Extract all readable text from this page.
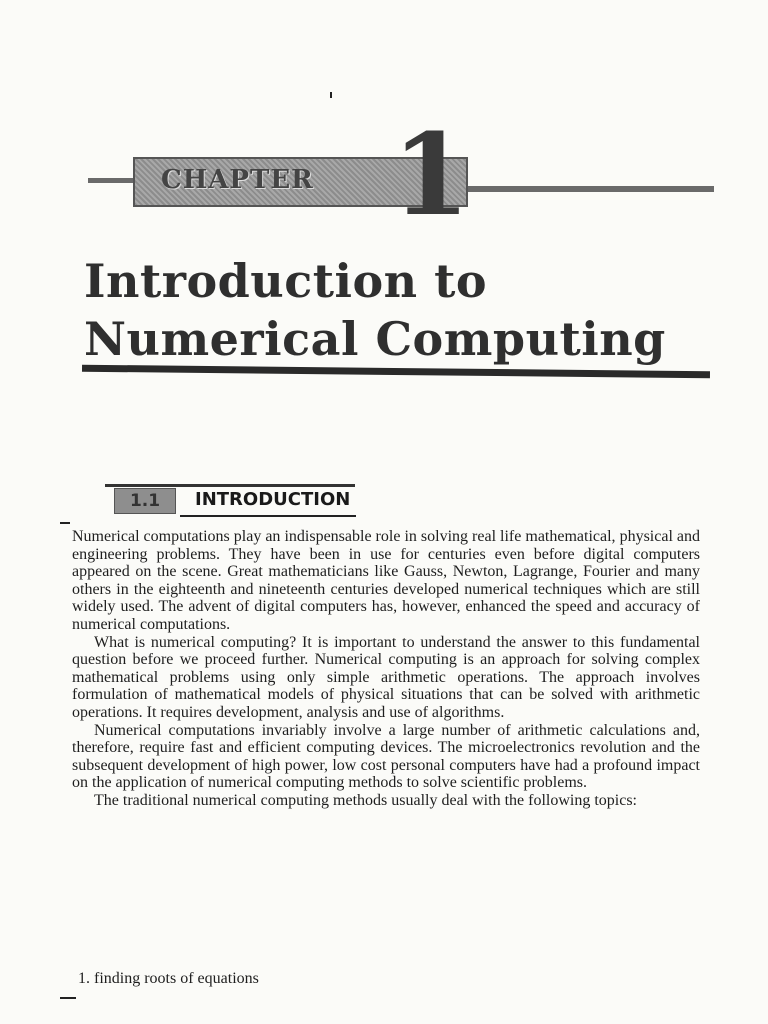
CHAPTER 1
Introduction to
Numerical Computing
1.1	INTRODUCTION

Numerical computations play an indispensable role in solving real life mathematical, physical and engineering problems. They have been in use for centuries even before digital computers appeared on the scene. Great mathematicians like Gauss, Newton, Lagrange, Fourier and many others in the eighteenth and nineteenth centuries developed numerical techniques which are still widely used. The advent of digital computers has, however, enhanced the speed and accuracy of numerical computations.

What is numerical computing? It is important to understand the answer to this fundamental question before we proceed further. Numerical computing is an approach for solving complex mathematical problems using only simple arithmetic operations. The approach involves formulation of mathematical models of physical situations that can be solved with arithmetic operations. It requires development, analysis and use of algorithms.

Numerical computations invariably involve a large number of arithmetic calculations and, therefore, require fast and efficient computing devices. The microelectronics revolution and the subsequent development of high power, low cost personal computers have had a profound impact on the application of numerical computing methods to solve scientific problems.

The traditional numerical computing methods usually deal with the following topics:

1. finding roots of equations
